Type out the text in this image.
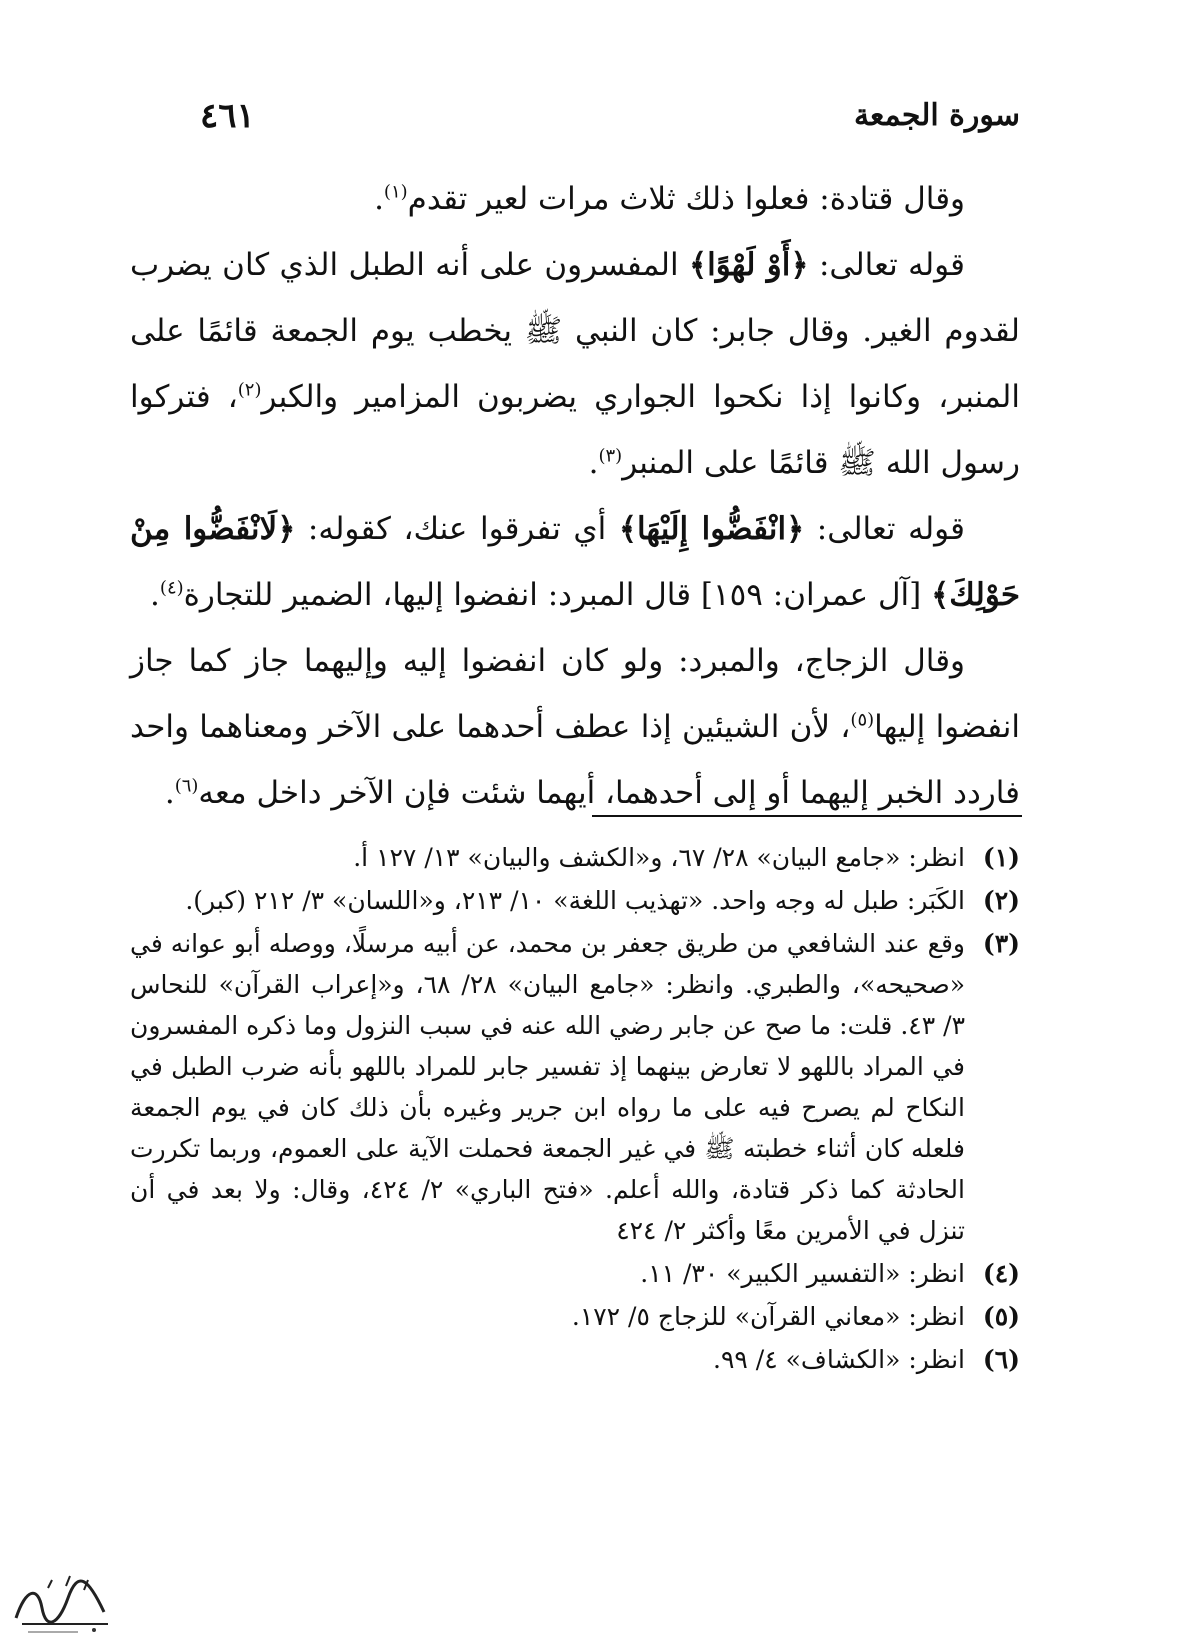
٤٦١	سورة الجمعة

وقال قتادة: فعلوا ذلك ثلاث مرات لعير تقدم$^{(١)}$.

قوله تعالى: ﴿أَوْ لَهْوًا﴾ المفسرون على أنه الطبل الذي كان يضرب لقدوم الغير. وقال جابر: كان النبي ﷺ يخطب يوم الجمعة قائمًا على المنبر، وكانوا إذا نكحوا الجواري يضربون المزامير والكبر$^{(٢)}$، فتركوا رسول الله ﷺ قائمًا على المنبر$^{(٣)}$.

قوله تعالى: ﴿انْفَضُّوا إِلَيْهَا﴾ أي تفرقوا عنك، كقوله: ﴿لَانْفَضُّوا مِنْ حَوْلِكَ﴾ [آل عمران: ١٥٩] قال المبرد: انفضوا إليها، الضمير للتجارة$^{(٤)}$.

وقال الزجاج، والمبرد: ولو كان انفضوا إليه وإليهما جاز كما جاز انفضوا إليها$^{(٥)}$، لأن الشيئين إذا عطف أحدهما على الآخر ومعناهما واحد فاردد الخبر إليهما أو إلى أحدهما، أيهما شئت فإن الآخر داخل معه$^{(٦)}$.

(١)
انظر: «جامع البيان» ٢٨/ ٦٧، و«الكشف والبيان» ١٣/ ١٢٧ أ.
(٢)
الكَبَر: طبل له وجه واحد. «تهذيب اللغة» ١٠/ ٢١٣، و«اللسان» ٣/ ٢١٢ (كبر).
(٣)
وقع عند الشافعي من طريق جعفر بن محمد، عن أبيه مرسلًا، ووصله أبو عوانه في «صحيحه»، والطبري. وانظر: «جامع البيان» ٢٨/ ٦٨، و«إعراب القرآن» للنحاس ٣/ ٤٣. قلت: ما صح عن جابر رضي الله عنه في سبب النزول وما ذكره المفسرون في المراد باللهو لا تعارض بينهما إذ تفسير جابر للمراد باللهو بأنه ضرب الطبل في النكاح لم يصرح فيه على ما رواه ابن جرير وغيره بأن ذلك كان في يوم الجمعة فلعله كان أثناء خطبته ﷺ في غير الجمعة فحملت الآية على العموم، وربما تكررت الحادثة كما ذكر قتادة، والله أعلم. «فتح الباري» ٢/ ٤٢٤، وقال: ولا بعد في أن تنزل في الأمرين معًا وأكثر ٢/ ٤٢٤
(٤)
انظر: «التفسير الكبير» ٣٠/ ١١.
(٥)
انظر: «معاني القرآن» للزجاج ٥/ ١٧٢.
(٦)
انظر: «الكشاف» ٤/ ٩٩.
